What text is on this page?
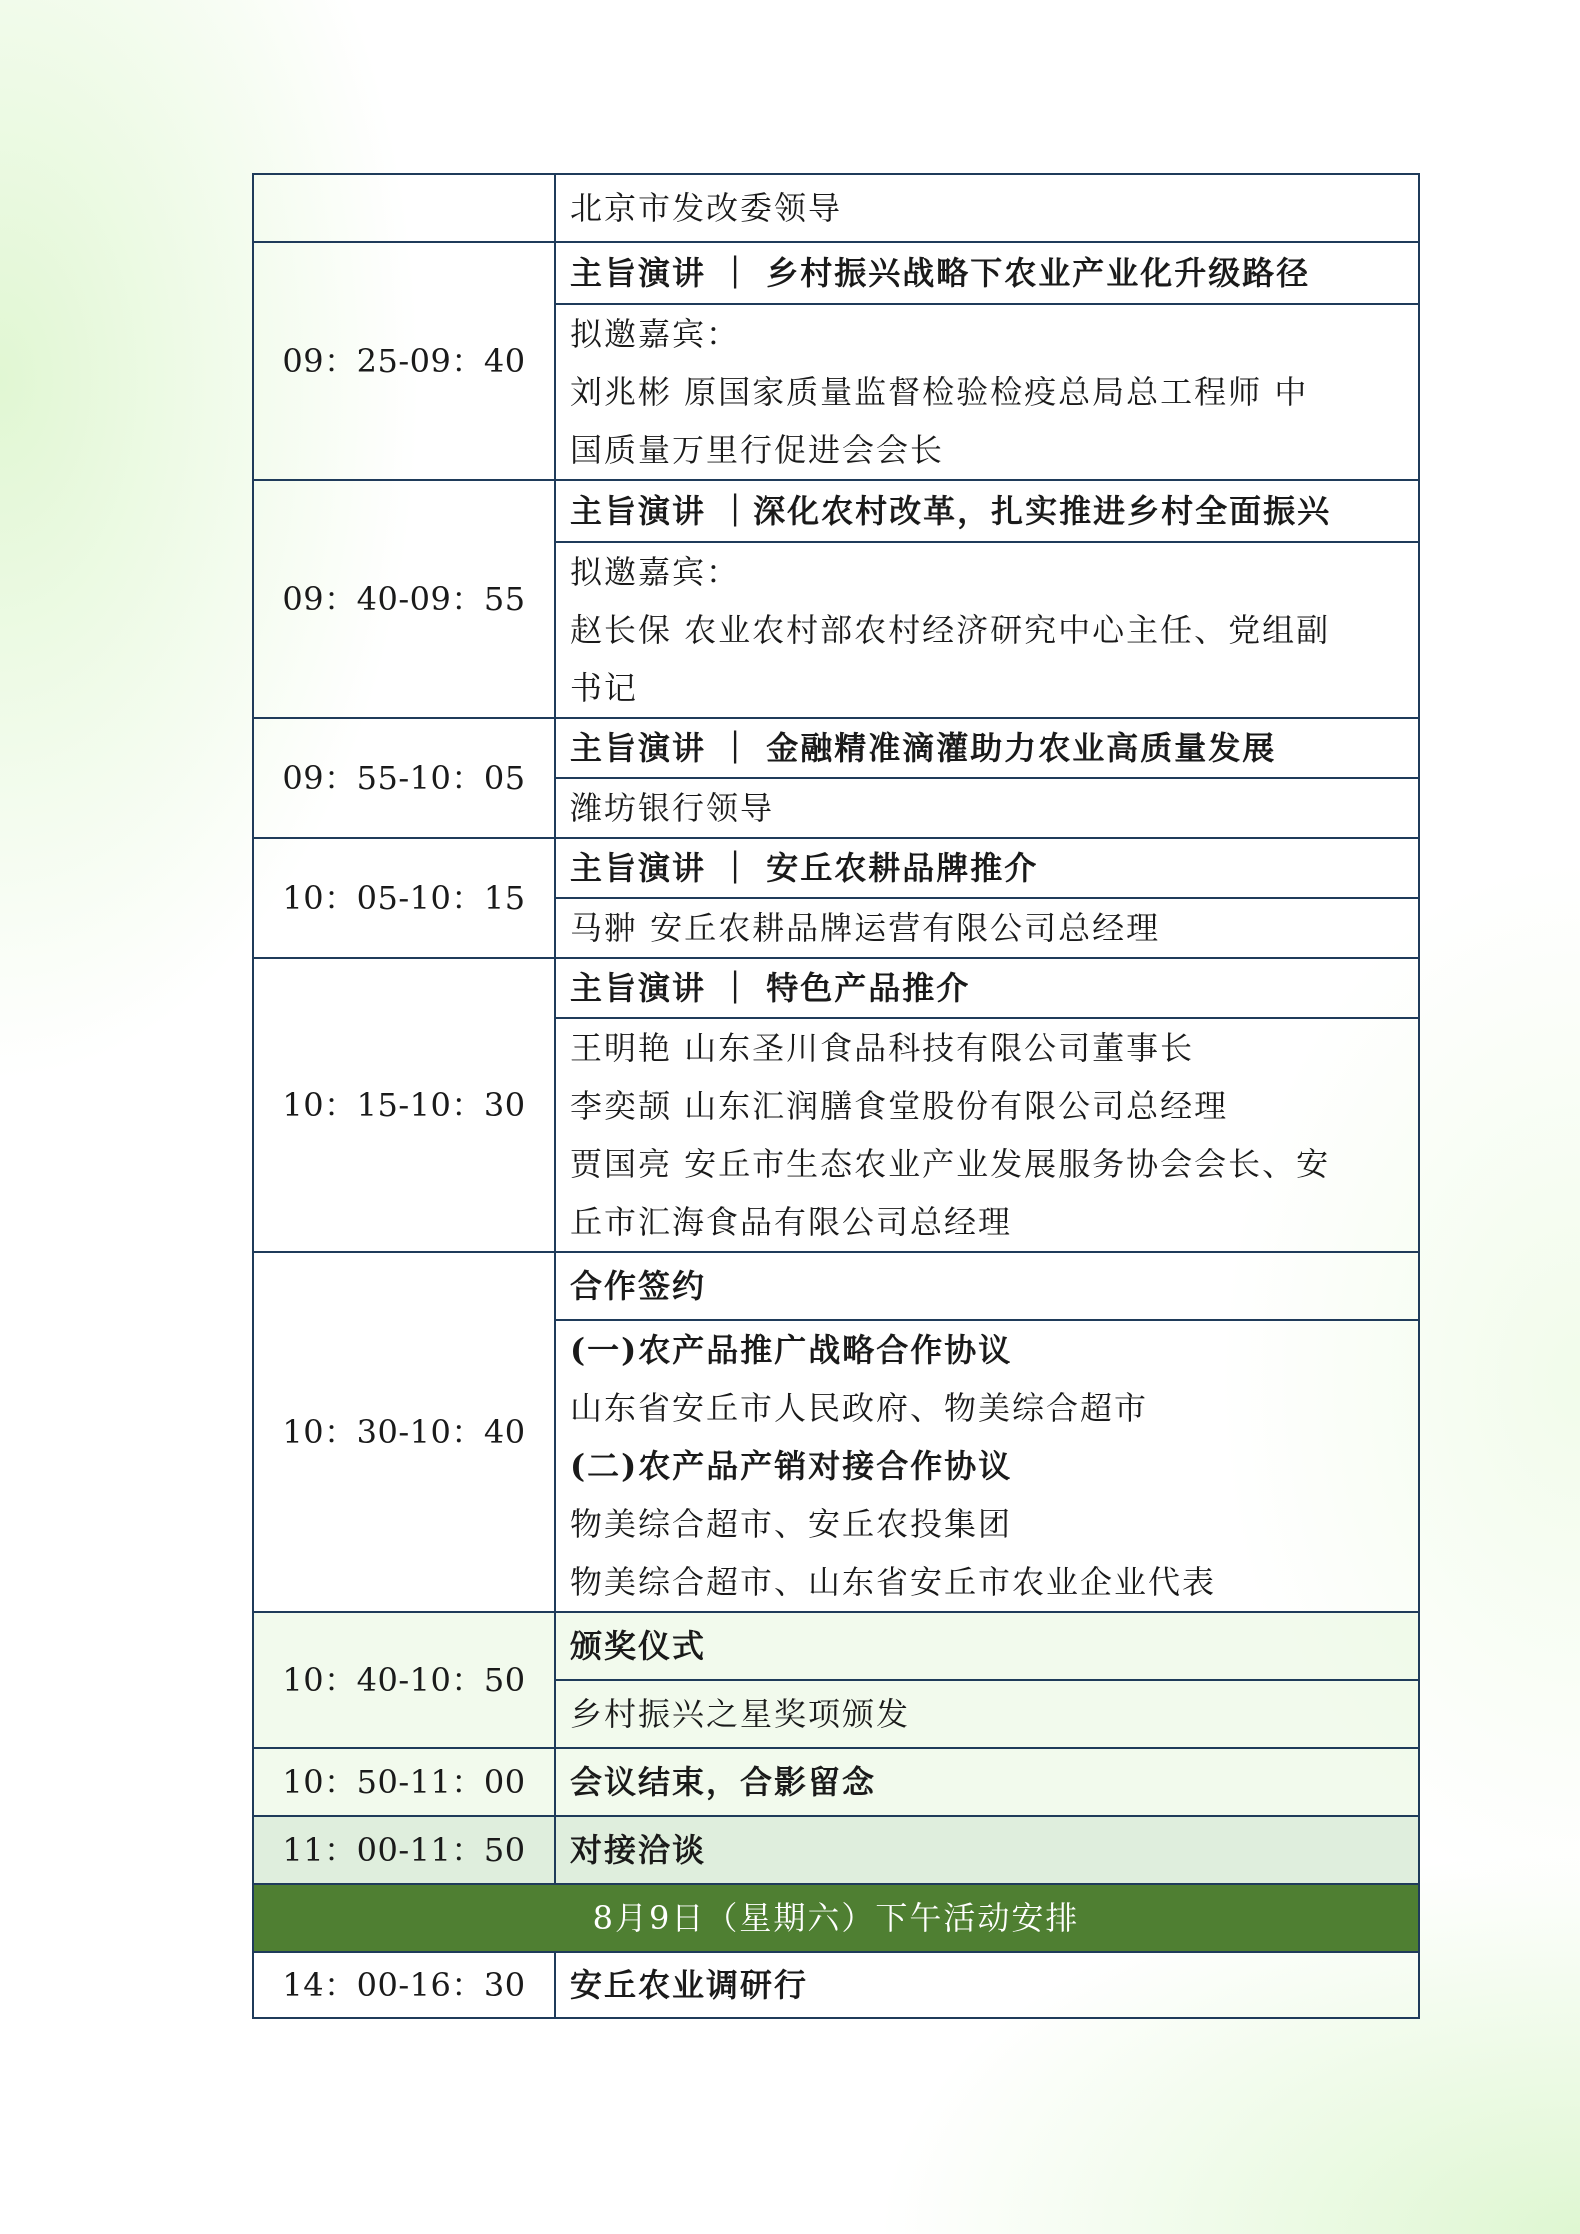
	北京市发改委领导
09：25-09：40	主旨演讲 ｜ 乡村振兴战略下农业产业化升级路径

	拟邀嘉宾：
刘兆彬 原国家质量监督检验检疫总局总工程师 中
国质量万里行促进会会长

09：40-09：55	主旨演讲 ｜深化农村改革，扎实推进乡村全面振兴

	拟邀嘉宾：
赵长保 农业农村部农村经济研究中心主任、党组副
书记

09：55-10：05	主旨演讲 ｜ 金融精准滴灌助力农业高质量发展
	潍坊银行领导
10：05-10：15	主旨演讲 ｜ 安丘农耕品牌推介
	马翀 安丘农耕品牌运营有限公司总经理
10：15-10：30	主旨演讲 ｜ 特色产品推介

	王明艳 山东圣川食品科技有限公司董事长
李奕颉 山东汇润膳食堂股份有限公司总经理
贾国亮 安丘市生态农业产业发展服务协会会长、安
丘市汇海食品有限公司总经理

10：30-10：40	合作签约

	(一)农产品推广战略合作协议
山东省安丘市人民政府、物美综合超市
(二)农产品产销对接合作协议
物美综合超市、安丘农投集团
物美综合超市、山东省安丘市农业企业代表

10：40-10：50	颁奖仪式
	乡村振兴之星奖项颁发
10：50-11：00	会议结束，合影留念
11：00-11：50	对接洽谈
8月9日（星期六）下午活动安排	
14：00-16：30	安丘农业调研行
